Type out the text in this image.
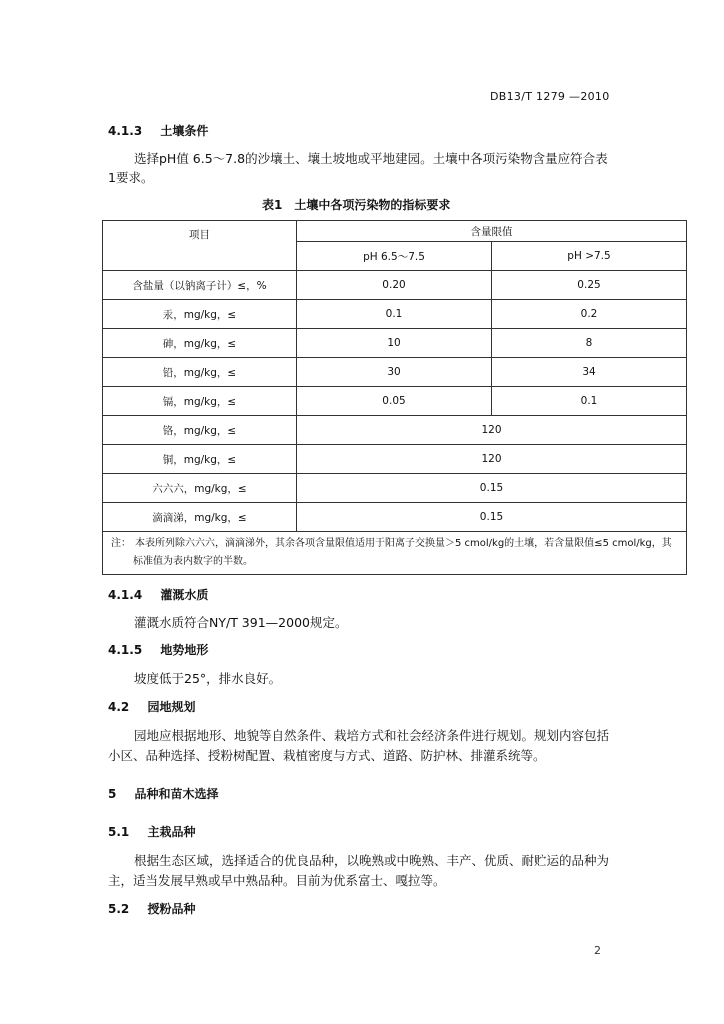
DB13/T 1279 —2010
4.1.3 土壤条件
选择pH值 6.5～7.8的沙壤土、壤土坡地或平地建园。土壤中各项污染物含量应符合表
1要求。
表1　土壤中各项污染物的指标要求
项目	含量限值	
	pH 6.5～7.5	pH >7.5
含盐量（以钠离子计）≤，%	0.20	0.25
汞，mg/kg，≤	0.1	0.2
砷，mg/kg，≤	10	8
铅，mg/kg，≤	30	34
镉，mg/kg，≤	0.05	0.1
铬，mg/kg，≤	120	
铜，mg/kg，≤	120	
六六六，mg/kg，≤	0.15	
滴滴涕，mg/kg，≤	0.15	
注： 本表所列除六六六，滴滴涕外，其余各项含量限值适用于阳离子交换量＞5 cmol/kg的土壤，若含量限值≤5 cmol/kg，其标准值为表内数字的半数。		
4.1.4 灌溉水质
灌溉水质符合NY/T 391—2000规定。
4.1.5 地势地形
坡度低于25°，排水良好。
4.2 园地规划
园地应根据地形、地貌等自然条件、栽培方式和社会经济条件进行规划。规划内容包括
小区、品种选择、授粉树配置、栽植密度与方式、道路、防护林、排灌系统等。
5 品种和苗木选择
5.1 主栽品种
根据生态区域，选择适合的优良品种，以晚熟或中晚熟、丰产、优质、耐贮运的品种为
主，适当发展早熟或早中熟品种。目前为优系富士、嘎拉等。
5.2 授粉品种
2
